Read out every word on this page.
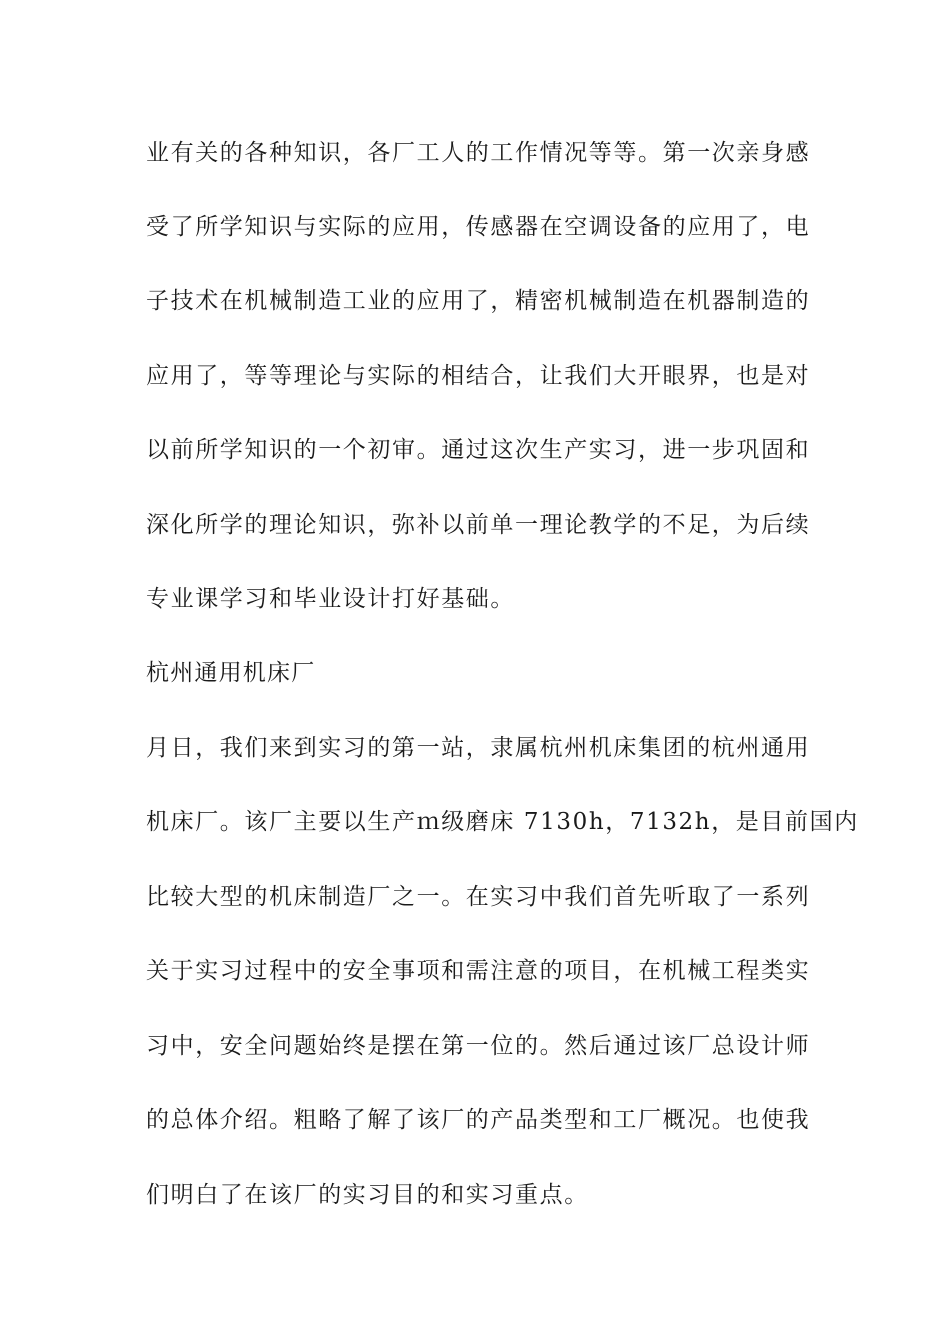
业有关的各种知识，各厂工人的工作情况等等。第一次亲身感
受了所学知识与实际的应用，传感器在空调设备的应用了，电
子技术在机械制造工业的应用了，精密机械制造在机器制造的
应用了，等等理论与实际的相结合，让我们大开眼界，也是对
以前所学知识的一个初审。通过这次生产实习，进一步巩固和
深化所学的理论知识，弥补以前单一理论教学的不足，为后续
专业课学习和毕业设计打好基础。
杭州通用机床厂
月日，我们来到实习的第一站，隶属杭州机床集团的杭州通用
机床厂。该厂主要以生产ｍ级磨床 7130h，7132h，是目前国内
比较大型的机床制造厂之一。在实习中我们首先听取了一系列
关于实习过程中的安全事项和需注意的项目，在机械工程类实
习中，安全问题始终是摆在第一位的。然后通过该厂总设计师
的总体介绍。粗略了解了该厂的产品类型和工厂概况。也使我
们明白了在该厂的实习目的和实习重点。
